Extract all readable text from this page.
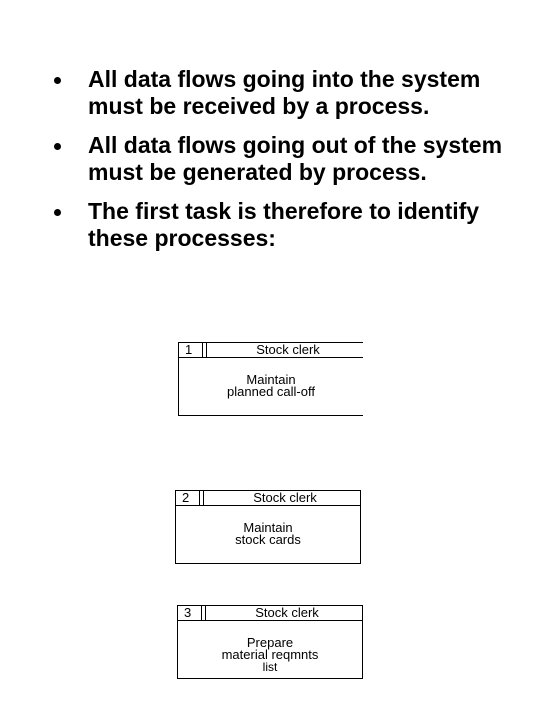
All data flows going into the system must be received by a process.
All data flows going out of the system must be generated by process.
The first task is therefore to identify these processes:
1	Stock clerk
Maintain
planned call-off
2	Stock clerk
Maintain
stock cards
3	Stock clerk
Prepare
material reqmnts
list
